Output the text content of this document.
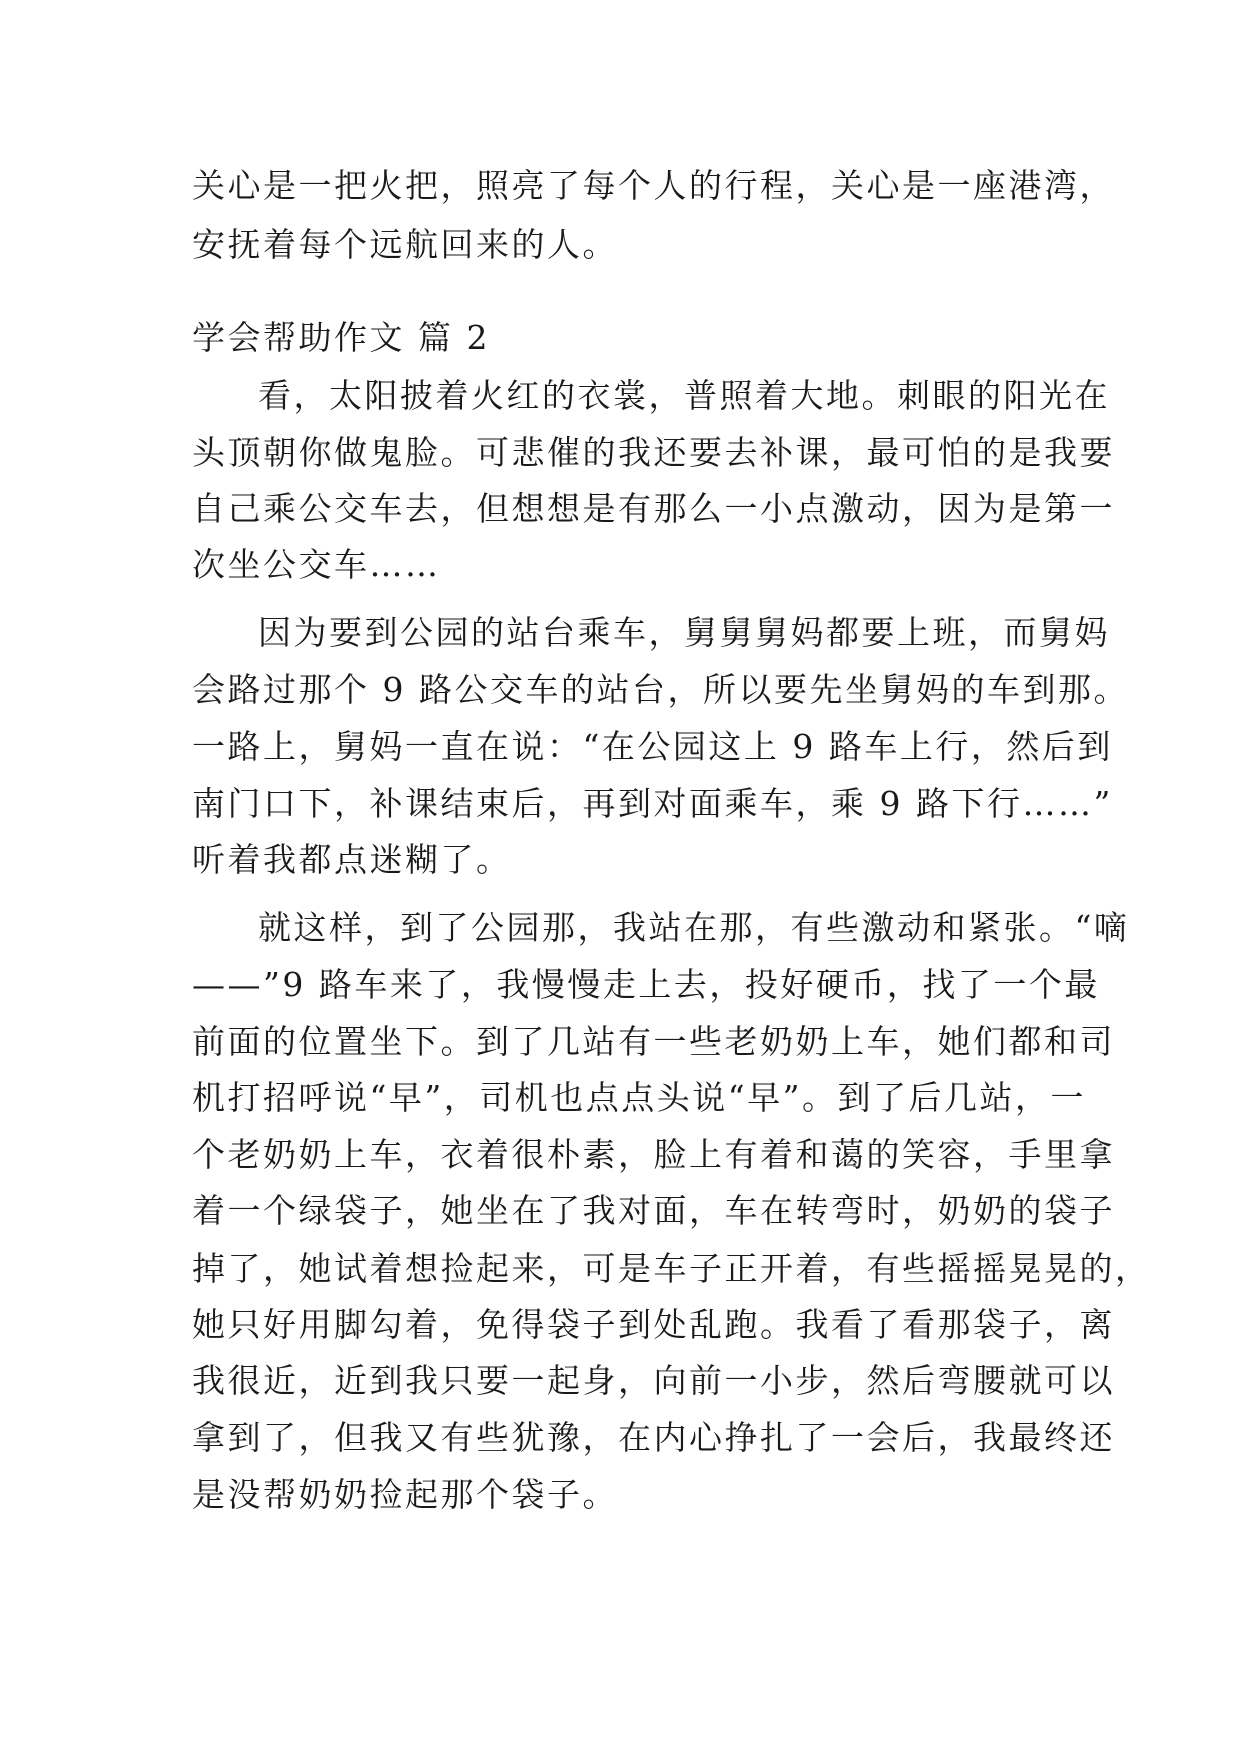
关心是一把火把，照亮了每个人的行程，关心是一座港湾，
安抚着每个远航回来的人。
学会帮助作文 篇 2
看，太阳披着火红的衣裳，普照着大地。刺眼的阳光在
头顶朝你做鬼脸。可悲催的我还要去补课，最可怕的是我要
自己乘公交车去，但想想是有那么一小点激动，因为是第一
次坐公交车……
因为要到公园的站台乘车，舅舅舅妈都要上班，而舅妈
会路过那个 9 路公交车的站台，所以要先坐舅妈的车到那。
一路上，舅妈一直在说：“在公园这上 9 路车上行，然后到
南门口下，补课结束后，再到对面乘车，乘 9 路下行……”
听着我都点迷糊了。
就这样，到了公园那，我站在那，有些激动和紧张。“嘀
——”9 路车来了，我慢慢走上去，投好硬币，找了一个最
前面的位置坐下。到了几站有一些老奶奶上车，她们都和司
机打招呼说“早”，司机也点点头说“早”。到了后几站，一
个老奶奶上车，衣着很朴素，脸上有着和蔼的笑容，手里拿
着一个绿袋子，她坐在了我对面，车在转弯时，奶奶的袋子
掉了，她试着想捡起来，可是车子正开着，有些摇摇晃晃的，
她只好用脚勾着，免得袋子到处乱跑。我看了看那袋子，离
我很近，近到我只要一起身，向前一小步，然后弯腰就可以
拿到了，但我又有些犹豫，在内心挣扎了一会后，我最终还
是没帮奶奶捡起那个袋子。
